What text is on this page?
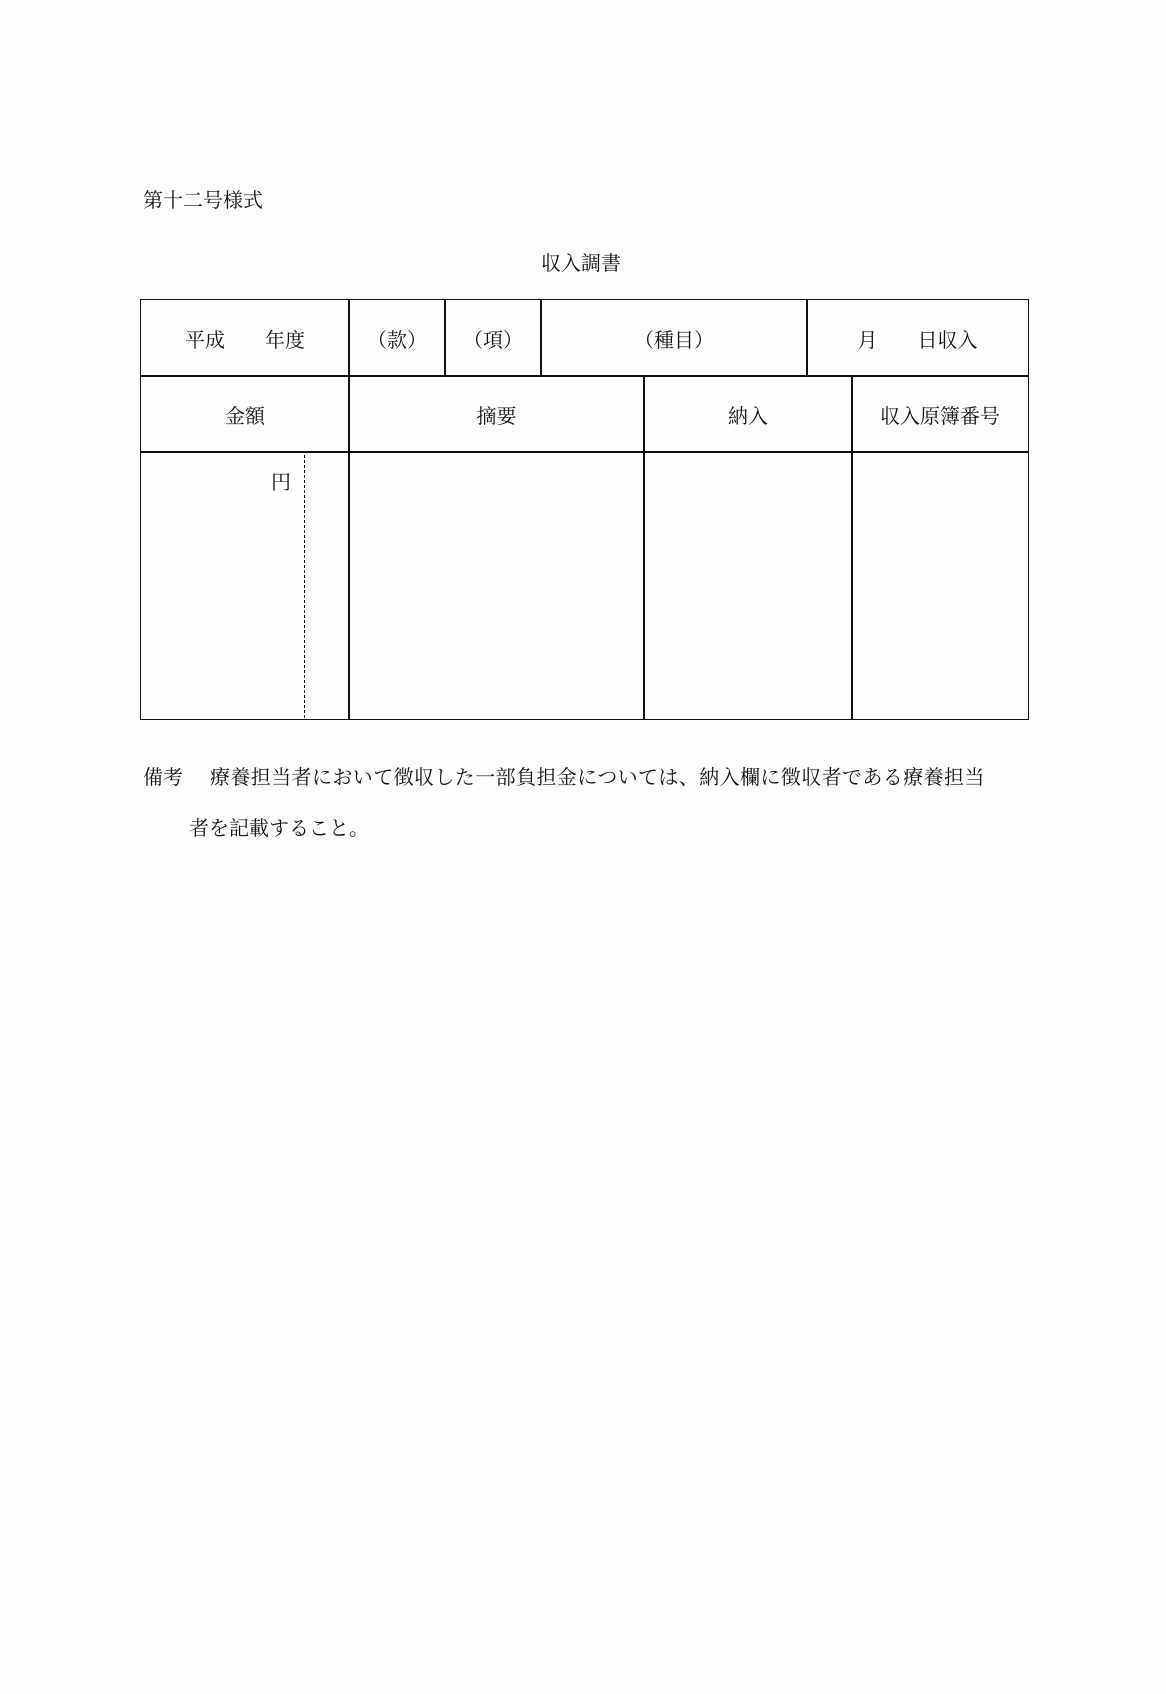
第十二号様式
収入調書
平成　　年度	（款）	（項）	（種目）	月　　日収入
金額	摘要	納入	収入原簿番号
円
備考 療養担当者において徴収した一部負担金については、納入欄に徴収者である療養担当
者を記載すること。
